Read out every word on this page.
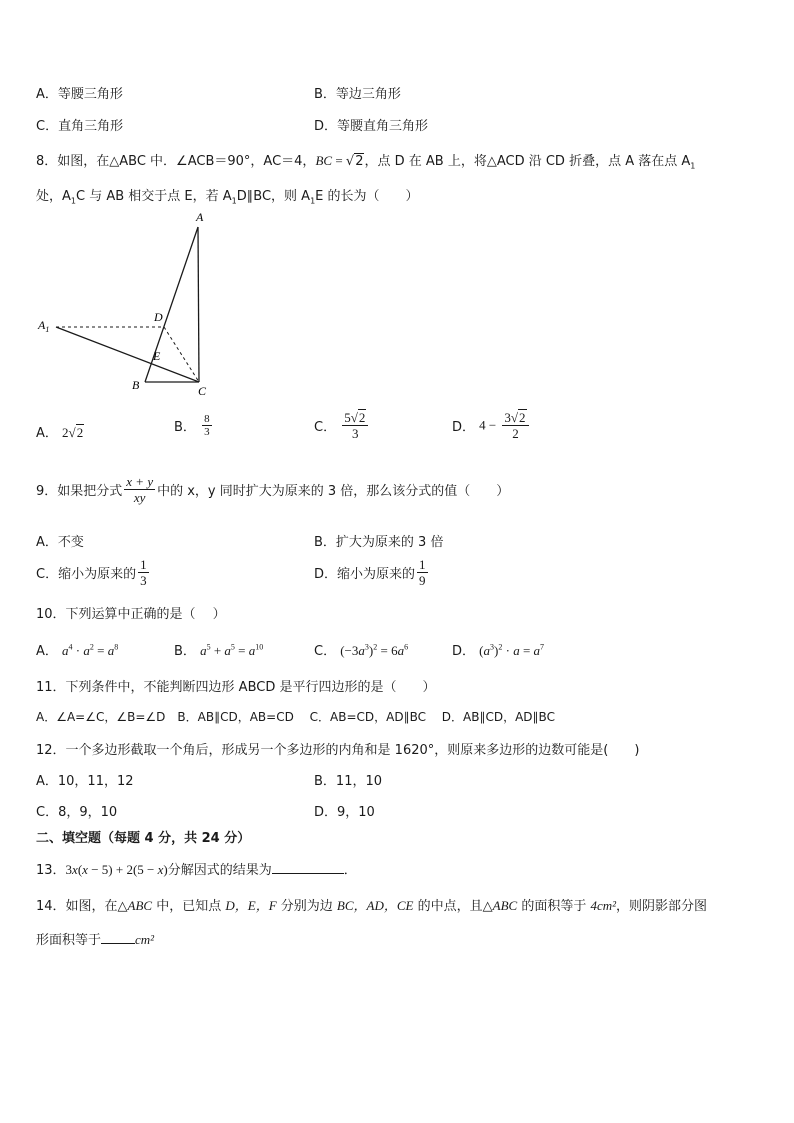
A．等腰三角形	B．等边三角形
C．直角三角形	D．等腰直角三角形
8．如图，在△ABC 中．∠ACB＝90°，AC＝4，BC = √2，点 D 在 AB 上，将△ACD 沿 CD 折叠，点 A 落在点 $A_1$
处，$A_1C$ 与 AB 相交于点 E，若 $A_1D\parallel BC$，则 $A_1E$ 的长为（　　）
A
$A_1$
D
E
B	C
A． 2√2	B． $\frac{8}{3}$	C． $\frac{5√2}{3}$	D． $4 - \frac{3√2}{2}$
9．如果把分式 $\frac{x + y}{xy}$ 中的 x，y 同时扩大为原来的 3 倍，那么该分式的值（　　）
A．不变	B．扩大为原来的 3 倍
C．缩小为原来的 $\frac{1}{3}$	D．缩小为原来的 $\frac{1}{9}$
10．下列运算中正确的是（　 ）
A． $a^4 \cdot a^2 = a^8$	B． $a^5 + a^5 = a^{10}$	C． $(-3a^3)^2 = 6a^6$	D． $(a^3)^2 \cdot a = a^7$
11．下列条件中，不能判断四边形 ABCD 是平行四边形的是（　　）
A．∠A=∠C，∠B=∠D　B．AB∥CD，AB=CD　 C．AB=CD，AD∥BC　 D．AB∥CD，AD∥BC
12．一个多边形截取一个角后，形成另一个多边形的内角和是 1620°，则原来多边形的边数可能是(　　)
A．10，11，12	B．11，10
C．8，9，10	D．9，10
二、填空题（每题 4 分，共 24 分）
13．3x(x − 5) + 2(5 − x)分解因式的结果为	．
14．如图，在△ABC 中，已知点 D，E，F 分别为边 BC，AD，CE 的中点，且△ABC 的面积等于 4cm²，则阴影部分图
形面积等于	cm²
